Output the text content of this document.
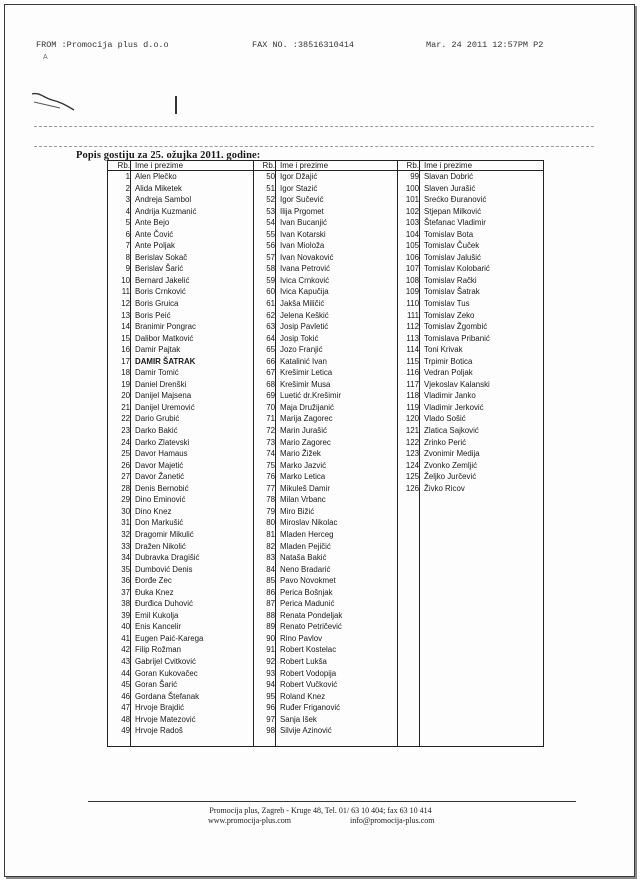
FROM :Promocija plus d.o.o	FAX NO. :38516310414	Mar. 24 2011 12:57PM P2
A
Popis gostiju za 25. ožujka 2011. godine:
Rb. Ime i prezime
1 Alen Plečko
2 Alida Miketek
3 Andreja Sambol
4 Andrija Kuzmanić
5 Ante Bejo
6 Ante Čović
7 Ante Poljak
8 Berislav Sokač
9 Berislav Šarić
10 Bernard Jakelić
11 Boris Crnković
12 Boris Gruica
13 Boris Peić
14 Branimir Pongrac
15 Dalibor Matković
16 Damir Pajtak
17 DAMIR ŠATRAK
18 Damir Tomić
19 Daniel Drenški
20 Danijel Majsena
21 Danijel Uremović
22 Dario Grubić
23 Darko Bakić
24 Darko Zlatevski
25 Davor Hamaus
26 Davor Majetić
27 Davor Žanetić
28 Denis Bernobić
29 Dino Eminović
30 Dino Knez
31 Don Markušić
32 Dragomir Mikulić
33 Dražen Nikolić
34 Dubravka Dragišić
35 Dumbović Denis
36 Đorđe Zec
37 Đuka Knez
38 Đurđica Duhović
39 Emil Kukolja
40 Enis Kancelir
41 Eugen Paić-Karega
42 Filip Rožman
43 Gabrijel Cvitković
44 Goran Kukovačec
45 Goran Šarić
46 Gordana Štefanak
47 Hrvoje Brajdić
48 Hrvoje Matezović
49 Hrvoje Radoš
Rb. Ime i prezime
50 Igor Džajić
51 Igor Stazić
52 Igor Sučević
53 Ilija Prgomet
54 Ivan Bucanjić
55 Ivan Kotarski
56 Ivan Mioloža
57 Ivan Novaković
58 Ivana Petrović
59 Ivica Crnković
60 Ivica Kapučija
61 Jakša Miličić
62 Jelena Keškić
63 Josip Pavletić
64 Josip Tokić
65 Jozo Franjić
66 Katalinić Ivan
67 Krešimir Letica
68 Krešimir Musa
69 Luetić dr.Krešimir
70 Maja Družijanić
71 Marija Zagorec
72 Marin Jurašić
73 Mario Zagorec
74 Mario Žižek
75 Marko Jazvić
76 Marko Letica
77 Mikuleš Damir
78 Milan Vrbanc
79 Miro Bižić
80 Miroslav Nikolac
81 Mladen Herceg
82 Mladen Pejičić
83 Nataša Bakić
84 Neno Bradarić
85 Pavo Novokmet
86 Perica Bošnjak
87 Perica Madunić
88 Renata Pondeljak
89 Renato Petričević
90 Rino Pavlov
91 Robert Kostelac
92 Robert Lukša
93 Robert Vodopija
94 Robert Vučković
95 Roland Knez
96 Ruđer Friganović
97 Sanja Išek
98 Silvije Azinović
Rb. Ime i prezime
99 Slavan Dobrić
100 Slaven Jurašić
101 Srećko Đuranović
102 Stjepan Milković
103 Štefanac Vladimir
104 Tomislav Bota
105 Tomislav Čuček
106 Tomislav Jalušić
107 Tomislav Kolobarić
108 Tomislav Rački
109 Tomislav Šatrak
110 Tomislav Tus
111 Tomislav Zeko
112 Tomislav Žgombić
113 Tomislava Pribanić
114 Toni Krivak
115 Trpimir Botica
116 Vedran Poljak
117 Vjekoslav Kalanski
118 Vladimir Janko
119 Vladimir Jerković
120 Vlado Sošić
121 Zlatica Sajković
122 Zrinko Perić
123 Zvonimir Medija
124 Zvonko Zemljić
125 Željko Jurčević
126 Živko Ricov
Promocija plus, Zagreb - Kruge 48, Tel. 01/ 63 10 404; fax 63 10 414
www.promocija-plus.com	info@promocija-plus.com
